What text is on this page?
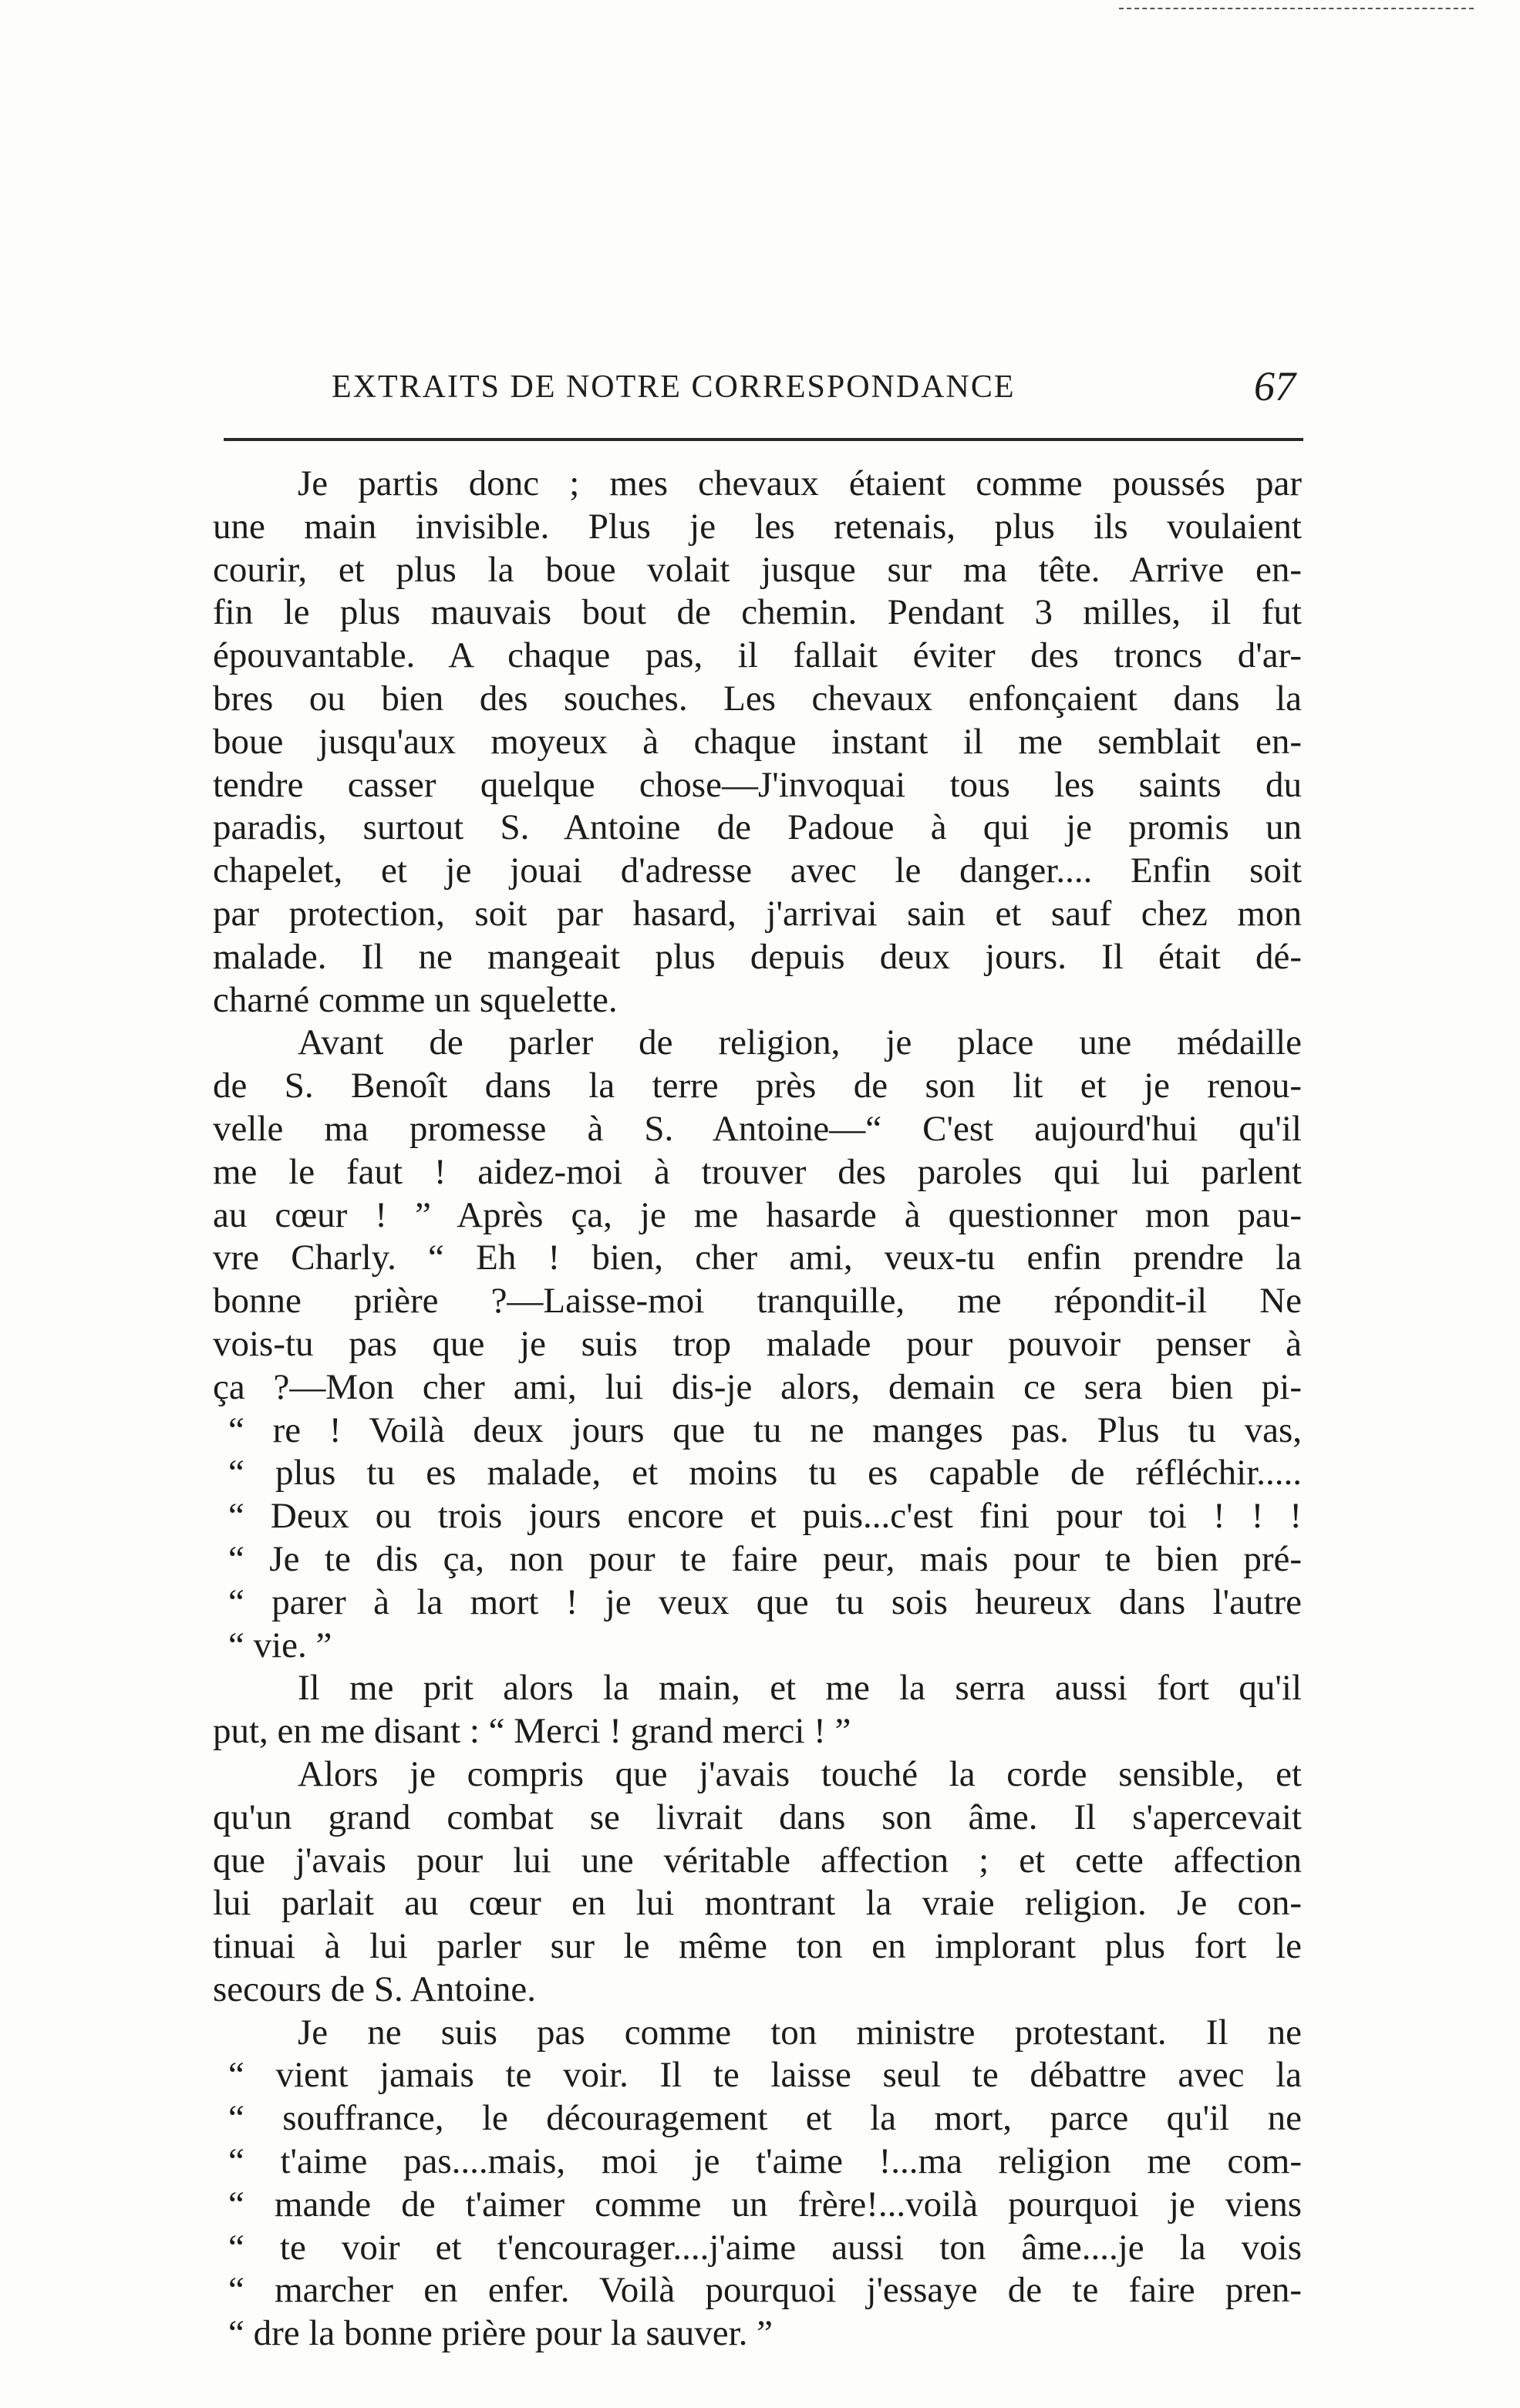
EXTRAITS DE NOTRE CORRESPONDANCE	67
Je partis donc ; mes chevaux étaient comme poussés par
une main invisible. Plus je les retenais, plus ils voulaient
courir, et plus la boue volait jusque sur ma tête. Arrive en-
fin le plus mauvais bout de chemin. Pendant 3 milles, il fut
épouvantable. A chaque pas, il fallait éviter des troncs d'ar-
bres ou bien des souches. Les chevaux enfonçaient dans la
boue jusqu'aux moyeux à chaque instant il me semblait en-
tendre casser quelque chose—J'invoquai tous les saints du
paradis, surtout S. Antoine de Padoue à qui je promis un
chapelet, et je jouai d'adresse avec le danger.... Enfin soit
par protection, soit par hasard, j'arrivai sain et sauf chez mon
malade. Il ne mangeait plus depuis deux jours. Il était dé-
charné comme un squelette.
Avant de parler de religion, je place une médaille
de S. Benoît dans la terre près de son lit et je renou-
velle ma promesse à S. Antoine—“ C'est aujourd'hui qu'il
me le faut ! aidez-moi à trouver des paroles qui lui parlent
au cœur ! ” Après ça, je me hasarde à questionner mon pau-
vre Charly. “ Eh ! bien, cher ami, veux-tu enfin prendre la
bonne prière ?—Laisse-moi tranquille, me répondit-il Ne
vois-tu pas que je suis trop malade pour pouvoir penser à
ça ?—Mon cher ami, lui dis-je alors, demain ce sera bien pi-
“ re ! Voilà deux jours que tu ne manges pas. Plus tu vas,
“ plus tu es malade, et moins tu es capable de réfléchir.....
“ Deux ou trois jours encore et puis...c'est fini pour toi ! ! !
“ Je te dis ça, non pour te faire peur, mais pour te bien pré-
“ parer à la mort ! je veux que tu sois heureux dans l'autre
“ vie. ”
Il me prit alors la main, et me la serra aussi fort qu'il
put, en me disant : “ Merci ! grand merci ! ”
Alors je compris que j'avais touché la corde sensible, et
qu'un grand combat se livrait dans son âme. Il s'apercevait
que j'avais pour lui une véritable affection ; et cette affection
lui parlait au cœur en lui montrant la vraie religion. Je con-
tinuai à lui parler sur le même ton en implorant plus fort le
secours de S. Antoine.
Je ne suis pas comme ton ministre protestant. Il ne
“ vient jamais te voir. Il te laisse seul te débattre avec la
“ souffrance, le découragement et la mort, parce qu'il ne
“ t'aime pas....mais, moi je t'aime !...ma religion me com-
“ mande de t'aimer comme un frère!...voilà pourquoi je viens
“ te voir et t'encourager....j'aime aussi ton âme....je la vois
“ marcher en enfer. Voilà pourquoi j'essaye de te faire pren-
“ dre la bonne prière pour la sauver. ”
